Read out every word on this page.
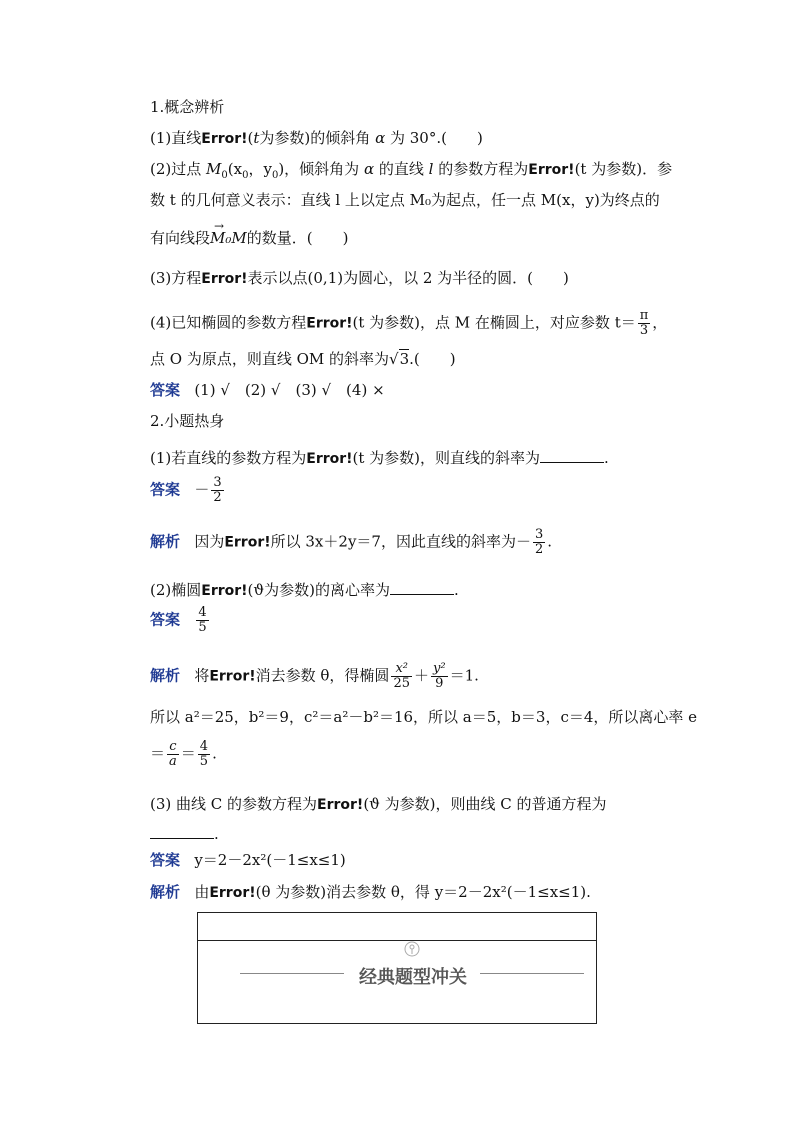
1.概念辨析
(1)直线Error!(t为参数)的倾斜角 α 为 30°.(　　)
(2)过点 $M_0(x_0$，$y_0$)，倾斜角为 α 的直线 l 的参数方程为Error!(t 为参数)．参
数 t 的几何意义表示：直线 l 上以定点 M₀为起点，任一点 M(x，y)为终点的
有向线段
→
M₀M的数量．(　　)
(3)方程Error!表示以点(0,1)为圆心，以 2 为半径的圆．(　　)
(4)已知椭圆的参数方程Error!(t 为参数)，点 M 在椭圆上，对应参数 $t= \frac{\pi}{3}$ ，
点 O 为原点，则直线 OM 的斜率为√3.(　　)
答案 (1) √　(2) √　(3) √　(4) ×
2.小题热身
(1)若直线的参数方程为Error!(t 为参数)，则直线的斜率为	.
答案 － $\frac{3}{2}$
解析 因为Error!所以 3x＋2y＝7，因此直线的斜率为－ $\frac{3}{2}$ .
(2)椭圆Error!(ϑ为参数)的离心率为	.
答案 $\frac{4}{5}$
解析 将Error!消去参数 θ，得椭圆 $\frac{\text{x²}}{25} + \frac{\text{y²}}{9} =1$.
所以 a²＝25，b²＝9，c²＝a²－b²＝16，所以 a＝5，b＝3，c＝4，所以离心率 e
＝ $\frac{c}{a} = \frac{4}{5}$ .
(3) 曲线 C 的参数方程为Error!(ϑ 为参数)，则曲线 C 的普通方程为
.
答案 y＝2－2x²(－1≤x≤1)
解析 由Error!(θ 为参数)消去参数 θ，得 y＝2－2x²(－1≤x≤1).
经典题型冲关
